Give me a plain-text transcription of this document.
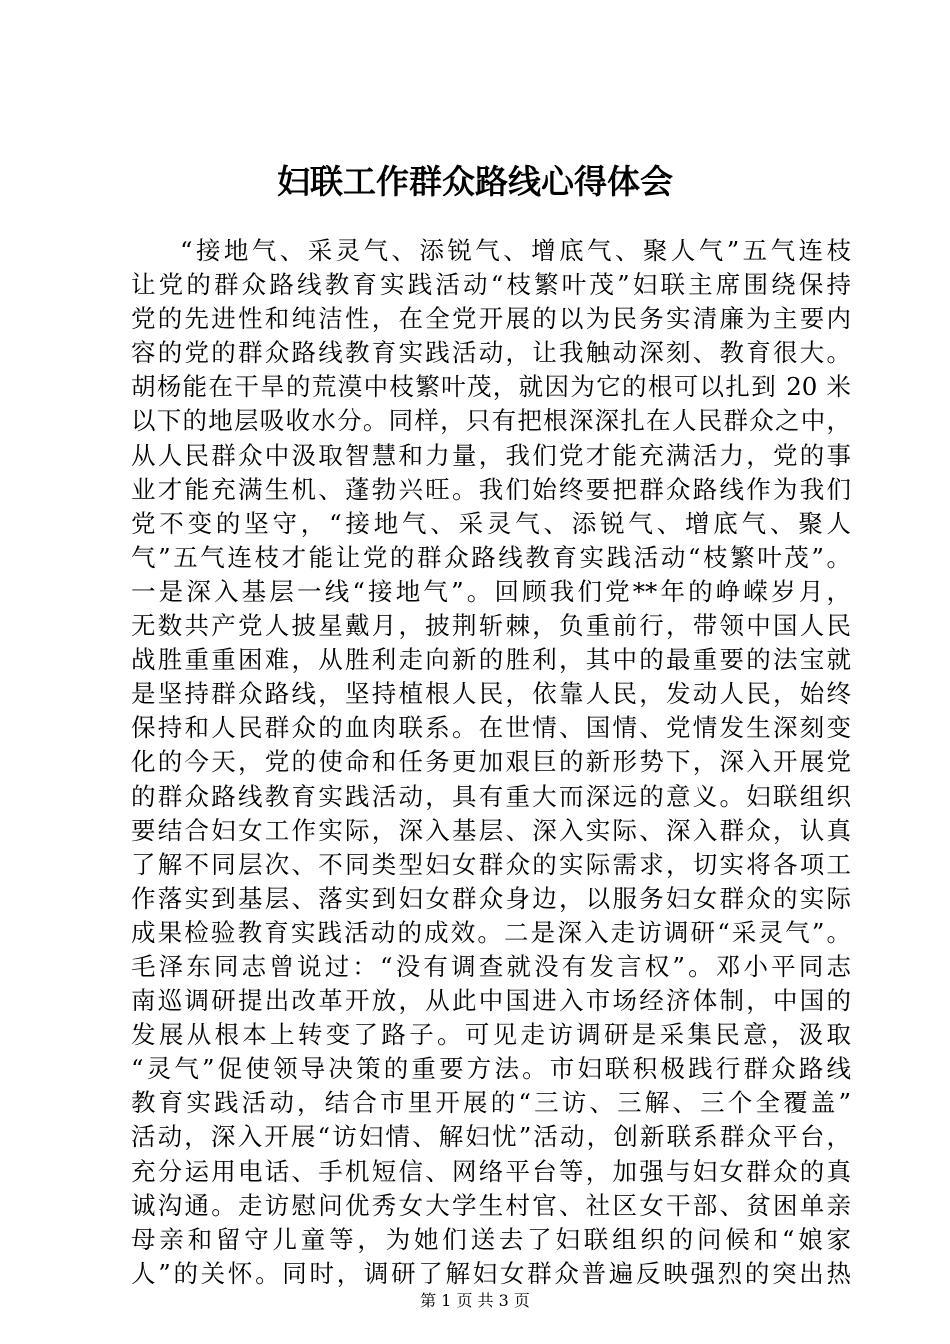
妇联工作群众路线心得体会
“接地气、采灵气、添锐气、增底气、聚人气”五气连枝
让党的群众路线教育实践活动“枝繁叶茂”妇联主席围绕保持
党的先进性和纯洁性，在全党开展的以为民务实清廉为主要内
容的党的群众路线教育实践活动，让我触动深刻、教育很大。
胡杨能在干旱的荒漠中枝繁叶茂，就因为它的根可以扎到 20 米
以下的地层吸收水分。同样，只有把根深深扎在人民群众之中，
从人民群众中汲取智慧和力量，我们党才能充满活力，党的事
业才能充满生机、蓬勃兴旺。我们始终要把群众路线作为我们
党不变的坚守，“接地气、采灵气、添锐气、增底气、聚人
气”五气连枝才能让党的群众路线教育实践活动“枝繁叶茂”。
一是深入基层一线“接地气”。回顾我们党**年的峥嵘岁月，
无数共产党人披星戴月，披荆斩棘，负重前行，带领中国人民
战胜重重困难，从胜利走向新的胜利，其中的最重要的法宝就
是坚持群众路线，坚持植根人民，依靠人民，发动人民，始终
保持和人民群众的血肉联系。在世情、国情、党情发生深刻变
化的今天，党的使命和任务更加艰巨的新形势下，深入开展党
的群众路线教育实践活动，具有重大而深远的意义。妇联组织
要结合妇女工作实际，深入基层、深入实际、深入群众，认真
了解不同层次、不同类型妇女群众的实际需求，切实将各项工
作落实到基层、落实到妇女群众身边，以服务妇女群众的实际
成果检验教育实践活动的成效。二是深入走访调研“采灵气”。
毛泽东同志曾说过：“没有调查就没有发言权”。邓小平同志
南巡调研提出改革开放，从此中国进入市场经济体制，中国的
发展从根本上转变了路子。可见走访调研是采集民意，汲取
“灵气”促使领导决策的重要方法。市妇联积极践行群众路线
教育实践活动，结合市里开展的“三访、三解、三个全覆盖”
活动，深入开展“访妇情、解妇忧”活动，创新联系群众平台，
充分运用电话、手机短信、网络平台等，加强与妇女群众的真
诚沟通。走访慰问优秀女大学生村官、社区女干部、贫困单亲
母亲和留守儿童等，为她们送去了妇联组织的问候和“娘家
人”的关怀。同时，调研了解妇女群众普遍反映强烈的突出热
第 1 页 共 3 页
